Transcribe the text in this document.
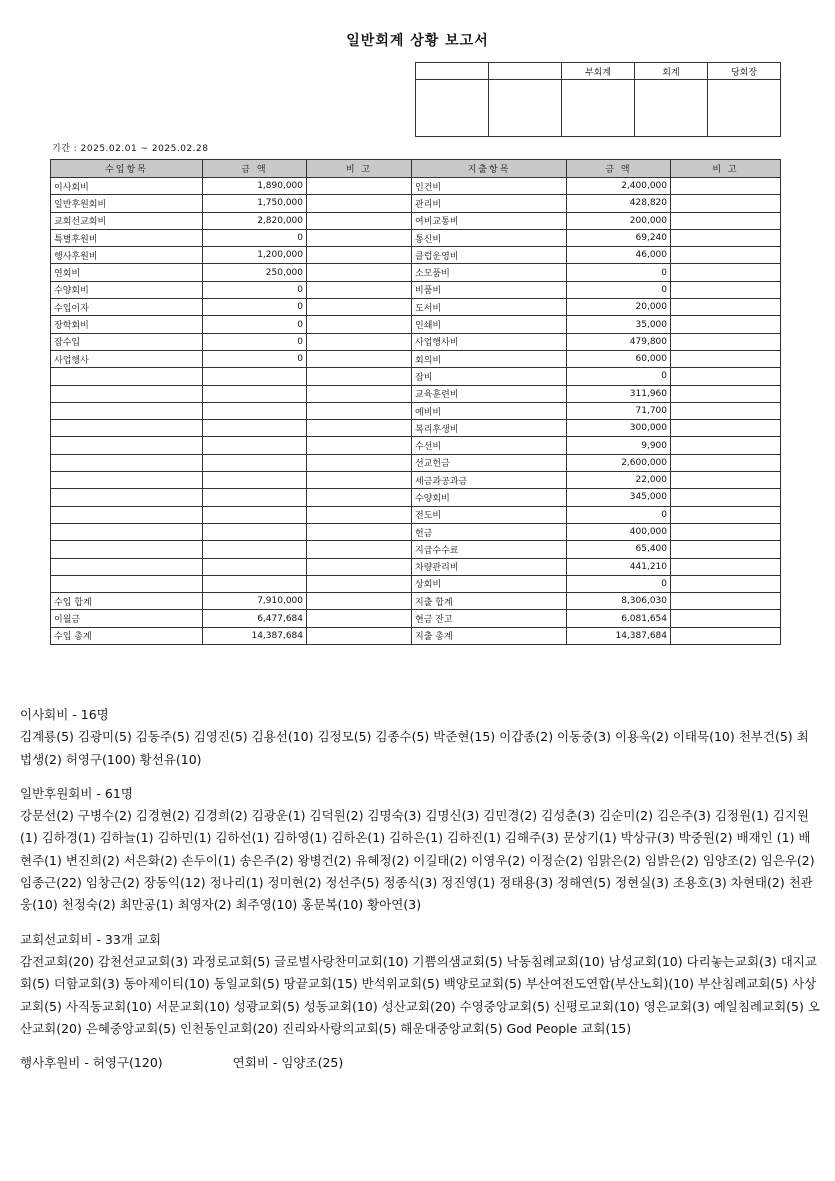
일반회계 상황 보고서
		부회계	회계	당회장

기간 : 2025.02.01 ~ 2025.02.28
수입항목	금 액	비 고	지출항목	금 액	비 고
이사회비	1,890,000		인건비	2,400,000	
일반후원회비	1,750,000		관리비	428,820	
교회선교회비	2,820,000		여비교통비	200,000	
특별후원비	0		통신비	69,240	
행사후원비	1,200,000		클럽운영비	46,000	
연회비	250,000		소모품비	0	
수양회비	0		비품비	0	
수입이자	0		도서비	20,000	
장학회비	0		인쇄비	35,000	
잡수입	0		사업행사비	479,800	
사업행사	0		회의비	60,000	
			잡비	0	
			교육훈련비	311,960	
			예비비	71,700	
			복리후생비	300,000	
			수선비	9,900	
			선교헌금	2,600,000	
			세금과공과금	22,000	
			수양회비	345,000	
			전도비	0	
			헌금	400,000	
			지급수수료	65,400	
			차량관리비	441,210	
			상회비	0	
수입 합계	7,910,000		지출 합계	8,306,030	
이월금	6,477,684		현금 잔고	6,081,654	
수입 총계	14,387,684		지출 총계	14,387,684	

이사회비 - 16명

김계룡(5) 김광미(5) 김동주(5) 김영진(5) 김용선(10) 김정모(5) 김종수(5) 박준현(15) 이갑종(2) 이동중(3) 이용욱(2) 이태묵(10) 천부건(5) 최법생(2) 허영구(100) 황선유(10)

일반후원회비 - 61명

강문선(2) 구병수(2) 김경현(2) 김경희(2) 김광운(1) 김덕원(2) 김명숙(3) 김명신(3) 김민경(2) 김성춘(3) 김순미(2) 김은주(3) 김정원(1) 김지원(1) 김하경(1) 김하늘(1) 김하민(1) 김하선(1) 김하영(1) 김하온(1) 김하은(1) 김하진(1) 김해주(3) 문상기(1) 박상규(3) 박중원(2) 배재인 (1) 배현주(1) 변진희(2) 서은화(2) 손두이(1) 송은주(2) 왕병건(2) 유혜정(2) 이길태(2) 이영우(2) 이정순(2) 임맑은(2) 임밝은(2) 임양조(2) 임은우(2) 임종근(22) 임창근(2) 장동익(12) 정나리(1) 정미현(2) 정선주(5) 정종식(3) 정진영(1) 정태용(3) 정해연(5) 정현실(3) 조용호(3) 차현태(2) 천관웅(10) 천정숙(2) 최만공(1) 최영자(2) 최주영(10) 홍문복(10) 황아연(3)

교회선교회비 - 33개 교회

감전교회(20) 감천선교교회(3) 과정로교회(5) 글로벌사랑찬미교회(10) 기쁨의샘교회(5) 낙동침례교회(10) 남성교회(10) 다리놓는교회(3) 대지교회(5) 더함교회(3) 동아제이티(10) 동일교회(5) 땅끝교회(15) 반석위교회(5) 백양로교회(5) 부산여전도연합(부산노회)(10) 부산침례교회(5) 사상교회(5) 사직동교회(10) 서문교회(10) 성광교회(5) 성동교회(10) 성산교회(20) 수영중앙교회(5) 신평로교회(10) 영은교회(3) 예일침례교회(5) 오산교회(20) 은혜중앙교회(5) 인천동인교회(20) 진리와사랑의교회(5) 해운대중앙교회(5) God People 교회(15)

행사후원비 - 허영구(120)	연회비 - 임양조(25)
